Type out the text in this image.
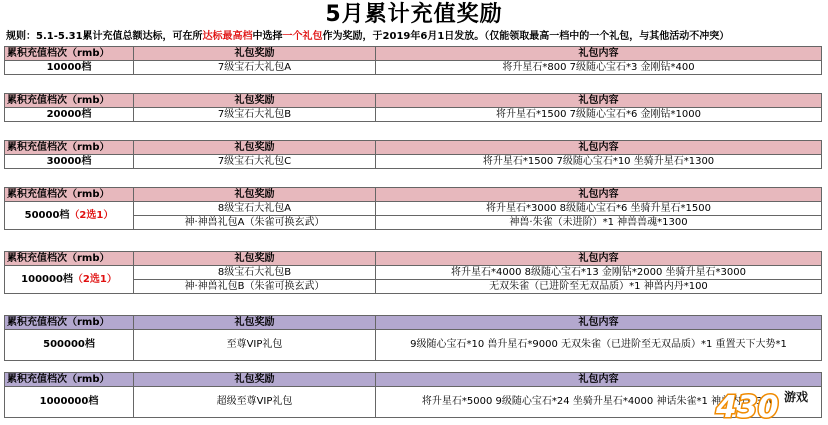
5月累计充值奖励
规则：5.1-5.31累计充值总额达标，可在所达标最高档中选择一个礼包作为奖励，于2019年6月1日发放。（仅能领取最高一档中的一个礼包，与其他活动不冲突）
累积充值档次（rmb）	礼包奖励	礼包内容
10000档	7级宝石大礼包A	将升星石*800 7级随心宝石*3 金刚钻*400
累积充值档次（rmb）	礼包奖励	礼包内容
20000档	7级宝石大礼包B	将升星石*1500 7级随心宝石*6 金刚钻*1000
累积充值档次（rmb）	礼包奖励	礼包内容
30000档	7级宝石大礼包C	将升星石*1500 7级随心宝石*10 坐骑升星石*1300
累积充值档次（rmb）	礼包奖励	礼包内容
50000档（2选1）	8级宝石大礼包A	将升星石*3000 8级随心宝石*6 坐骑升星石*1500
	神·神兽礼包A（朱雀可换玄武）	神兽·朱雀（未进阶）*1 神兽兽魂*1300
累积充值档次（rmb）	礼包奖励	礼包内容
100000档（2选1）	8级宝石大礼包B	将升星石*4000 8级随心宝石*13 金刚钻*2000 坐骑升星石*3000
	神·神兽礼包B（朱雀可换玄武）	无双朱雀（已进阶至无双品质）*1 神兽内丹*100
累积充值档次（rmb）	礼包奖励	礼包内容
500000档	至尊VIP礼包	9级随心宝石*10 兽升星石*9000 无双朱雀（已进阶至无双品质）*1 重置天下大势*1
累积充值档次（rmb）	礼包奖励	礼包内容
1000000档	超级至尊VIP礼包	将升星石*5000 9级随心宝石*24 坐骑升星石*4000 神话朱雀*1 神兽内丹*300
430 游戏
